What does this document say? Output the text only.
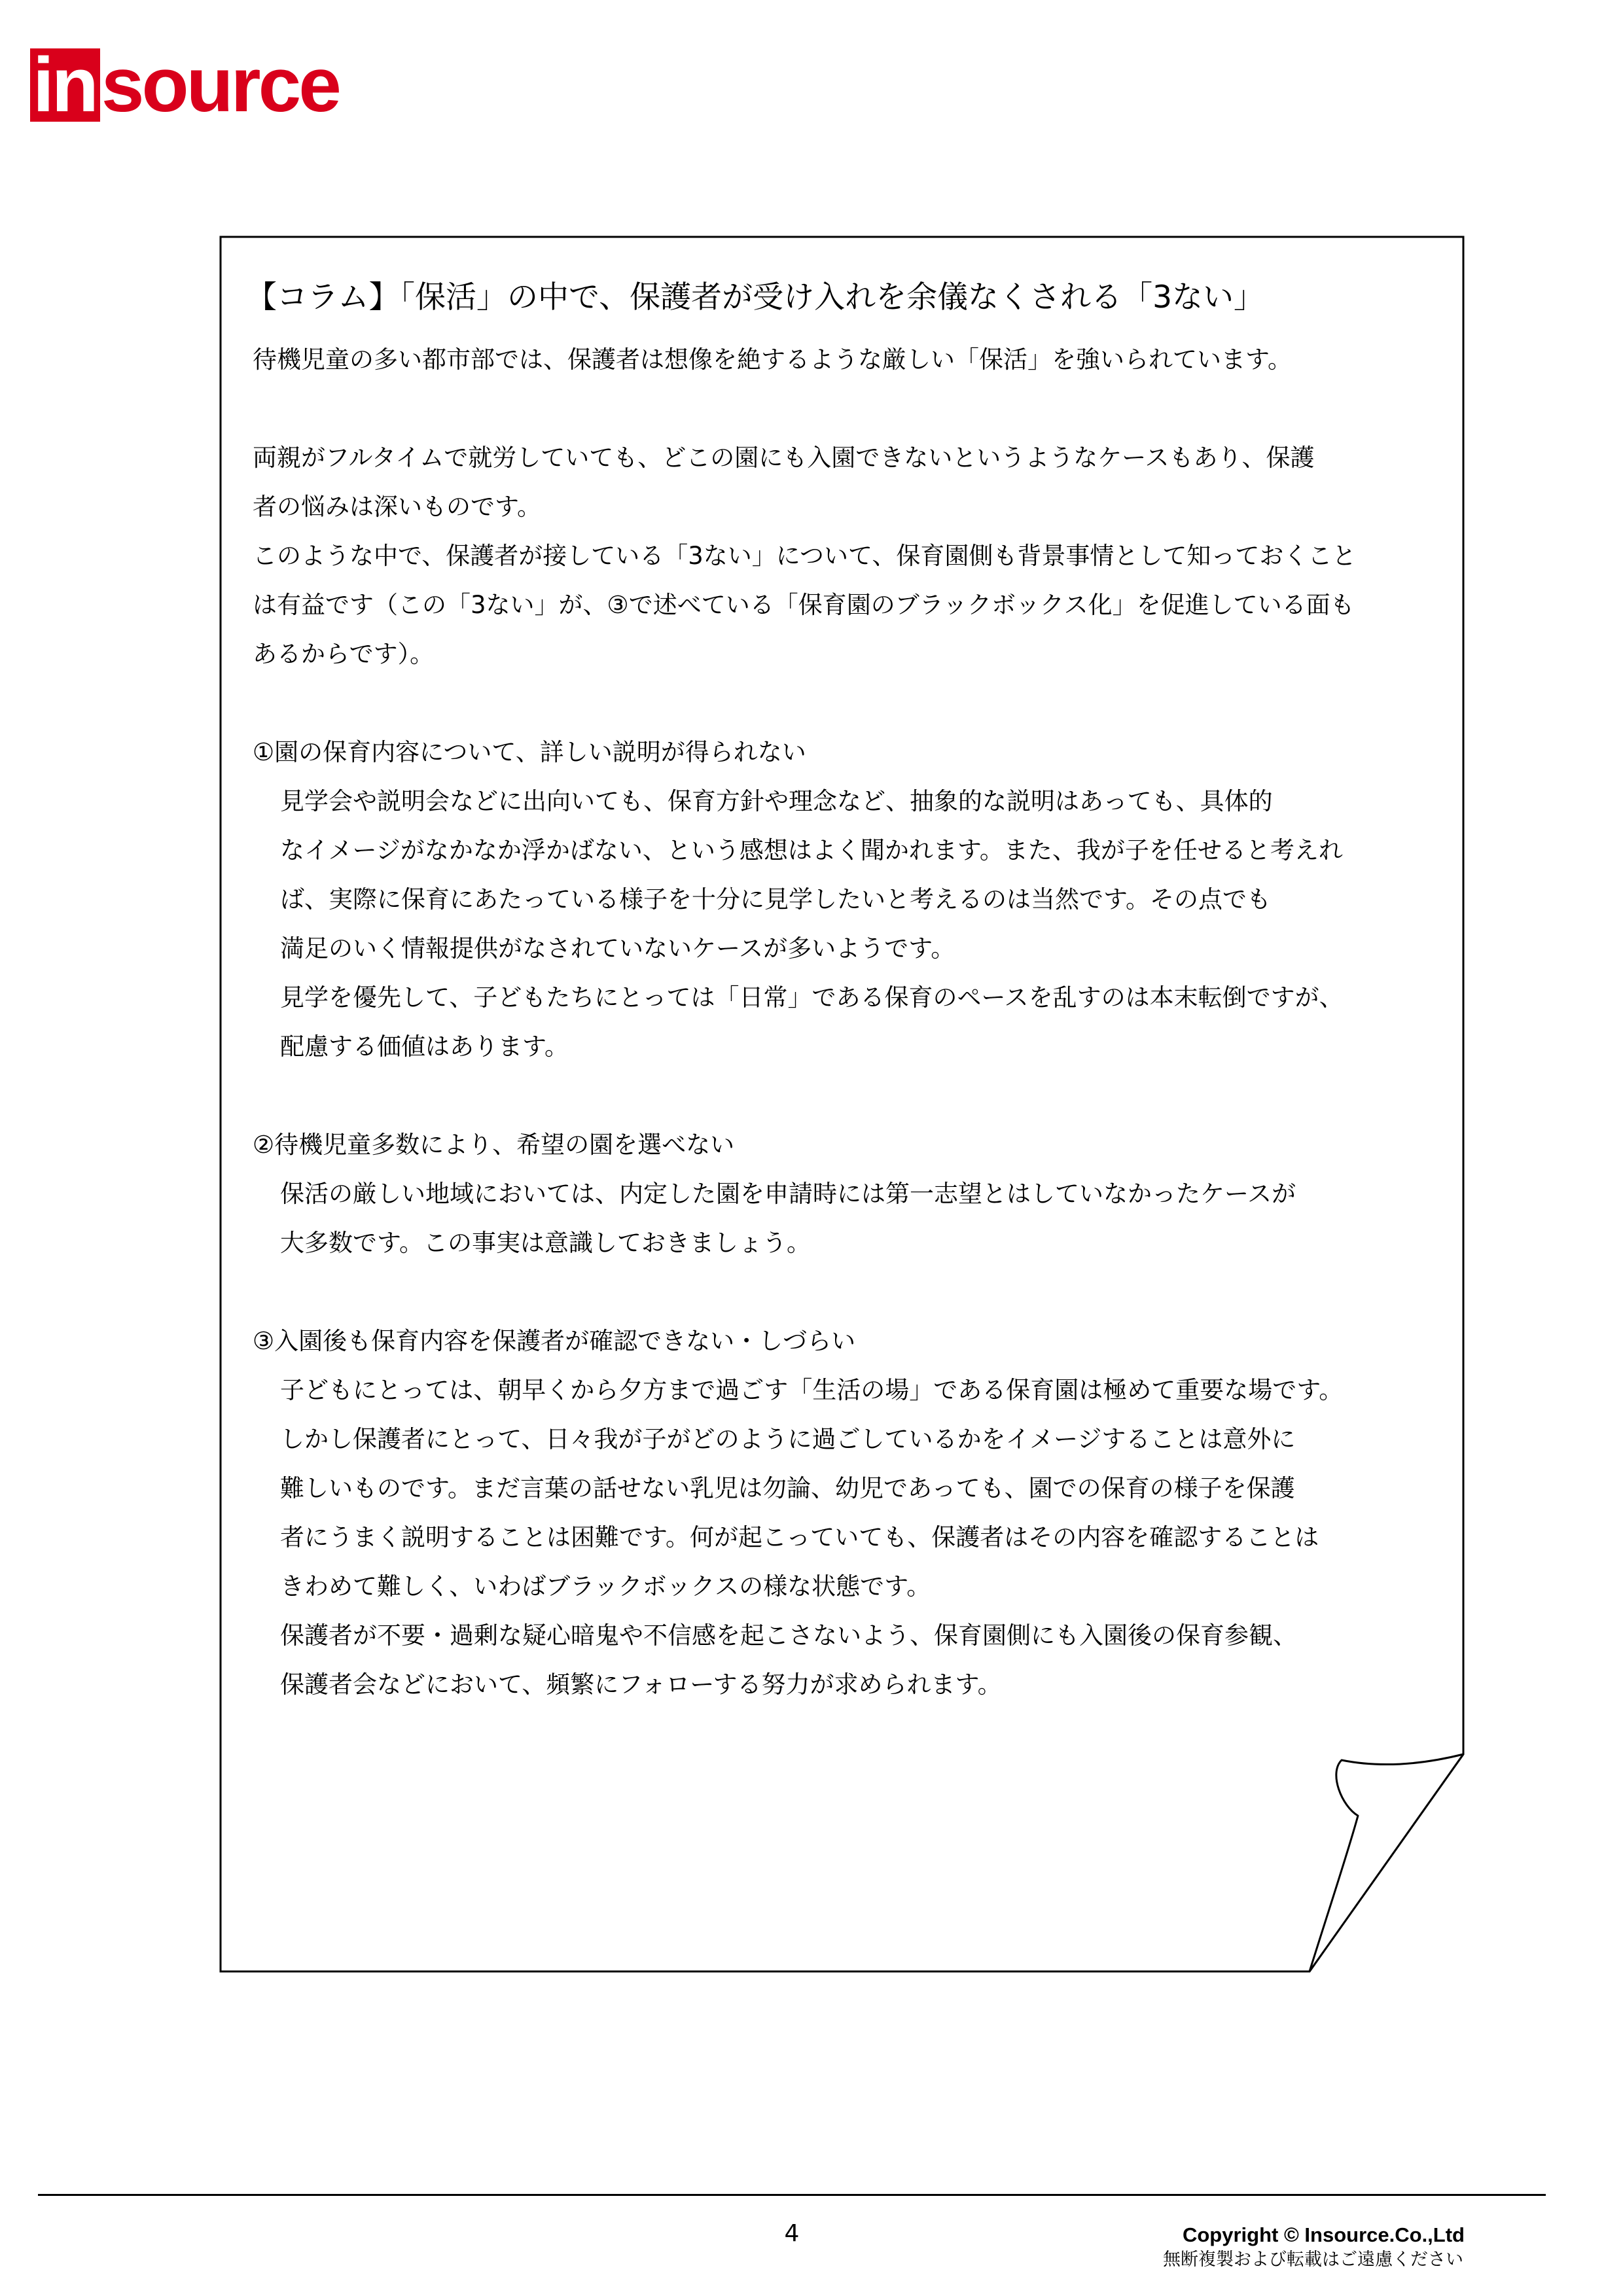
in source
【コラム】「保活」の中で、保護者が受け入れを余儀なくされる「3ない」
待機児童の多い都市部では、保護者は想像を絶するような厳しい「保活」を強いられています。
両親がフルタイムで就労していても、どこの園にも入園できないというようなケースもあり、保護
者の悩みは深いものです。
このような中で、保護者が接している「3ない」について、保育園側も背景事情として知っておくこと
は有益です（この「3ない」が、③で述べている「保育園のブラックボックス化」を促進している面も
あるからです）。
①園の保育内容について、詳しい説明が得られない
見学会や説明会などに出向いても、保育方針や理念など、抽象的な説明はあっても、具体的
なイメージがなかなか浮かばない、という感想はよく聞かれます。また、我が子を任せると考えれ
ば、実際に保育にあたっている様子を十分に見学したいと考えるのは当然です。その点でも
満足のいく情報提供がなされていないケースが多いようです。
見学を優先して、子どもたちにとっては「日常」である保育のペースを乱すのは本末転倒ですが、
配慮する価値はあります。
②待機児童多数により、希望の園を選べない
保活の厳しい地域においては、内定した園を申請時には第一志望とはしていなかったケースが
大多数です。この事実は意識しておきましょう。
③入園後も保育内容を保護者が確認できない・しづらい
子どもにとっては、朝早くから夕方まで過ごす「生活の場」である保育園は極めて重要な場です。
しかし保護者にとって、日々我が子がどのように過ごしているかをイメージすることは意外に
難しいものです。まだ言葉の話せない乳児は勿論、幼児であっても、園での保育の様子を保護
者にうまく説明することは困難です。何が起こっていても、保護者はその内容を確認することは
きわめて難しく、いわばブラックボックスの様な状態です。
保護者が不要・過剰な疑心暗鬼や不信感を起こさないよう、保育園側にも入園後の保育参観、
保護者会などにおいて、頻繁にフォローする努力が求められます。
4	Copyright © Insource.Co.,Ltd
無断複製および転載はご遠慮ください
